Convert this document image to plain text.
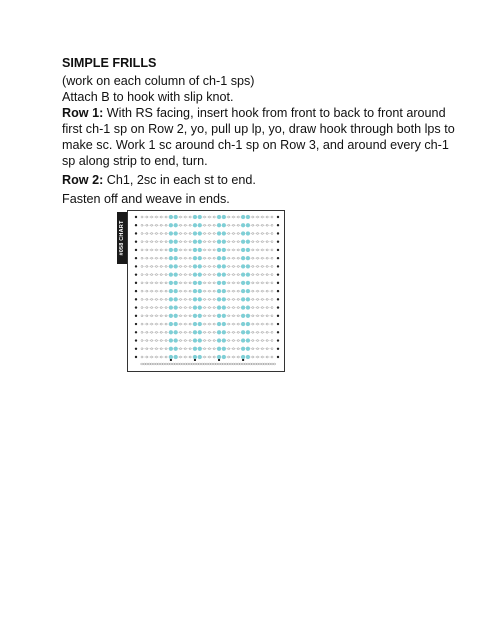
SIMPLE FRILLS

(work on each column of ch-1 sps)

Attach B to hook with slip knot.

Row 1: With RS facing, insert hook from front to back to front around first ch-1 sp on Row 2, yo, pull up lp, yo, draw hook through both lps to make sc. Work 1 sc around ch-1 sp on Row 3, and around every ch-1 sp along strip to end, turn.

Row 2: Ch1, 2sc in each st to end.

Fasten off and weave in ends.

#058 CHART
